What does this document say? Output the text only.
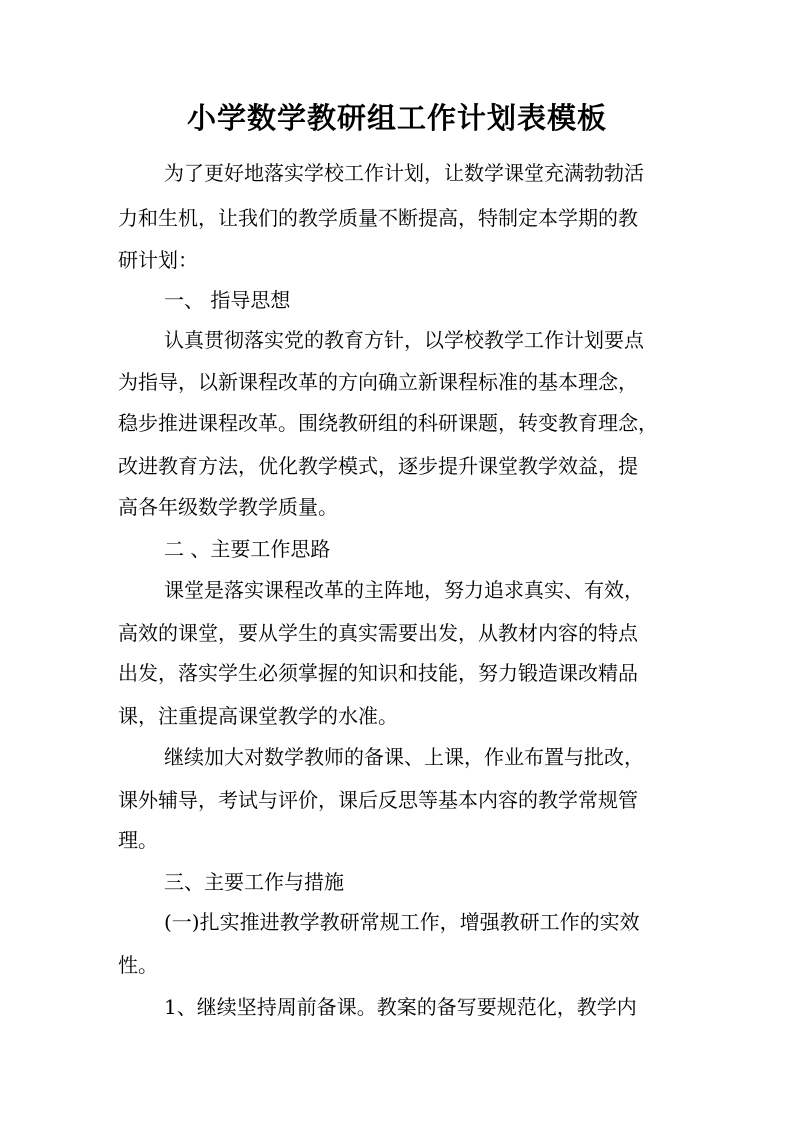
小学数学教研组工作计划表模板
为了更好地落实学校工作计划，让数学课堂充满勃勃活
力和生机，让我们的教学质量不断提高，特制定本学期的教
研计划：
一、 指导思想
认真贯彻落实党的教育方针，以学校教学工作计划要点
为指导，以新课程改革的方向确立新课程标准的基本理念，
稳步推进课程改革。围绕教研组的科研课题，转变教育理念，
改进教育方法，优化教学模式，逐步提升课堂教学效益，提
高各年级数学教学质量。
二 、主要工作思路
课堂是落实课程改革的主阵地，努力追求真实、有效，
高效的课堂，要从学生的真实需要出发，从教材内容的特点
出发，落实学生必须掌握的知识和技能，努力锻造课改精品
课，注重提高课堂教学的水准。
继续加大对数学教师的备课、上课，作业布置与批改，
课外辅导，考试与评价，课后反思等基本内容的教学常规管
理。
三、主要工作与措施
(一)扎实推进教学教研常规工作，增强教研工作的实效
性。
1、继续坚持周前备课。教案的备写要规范化，教学内
